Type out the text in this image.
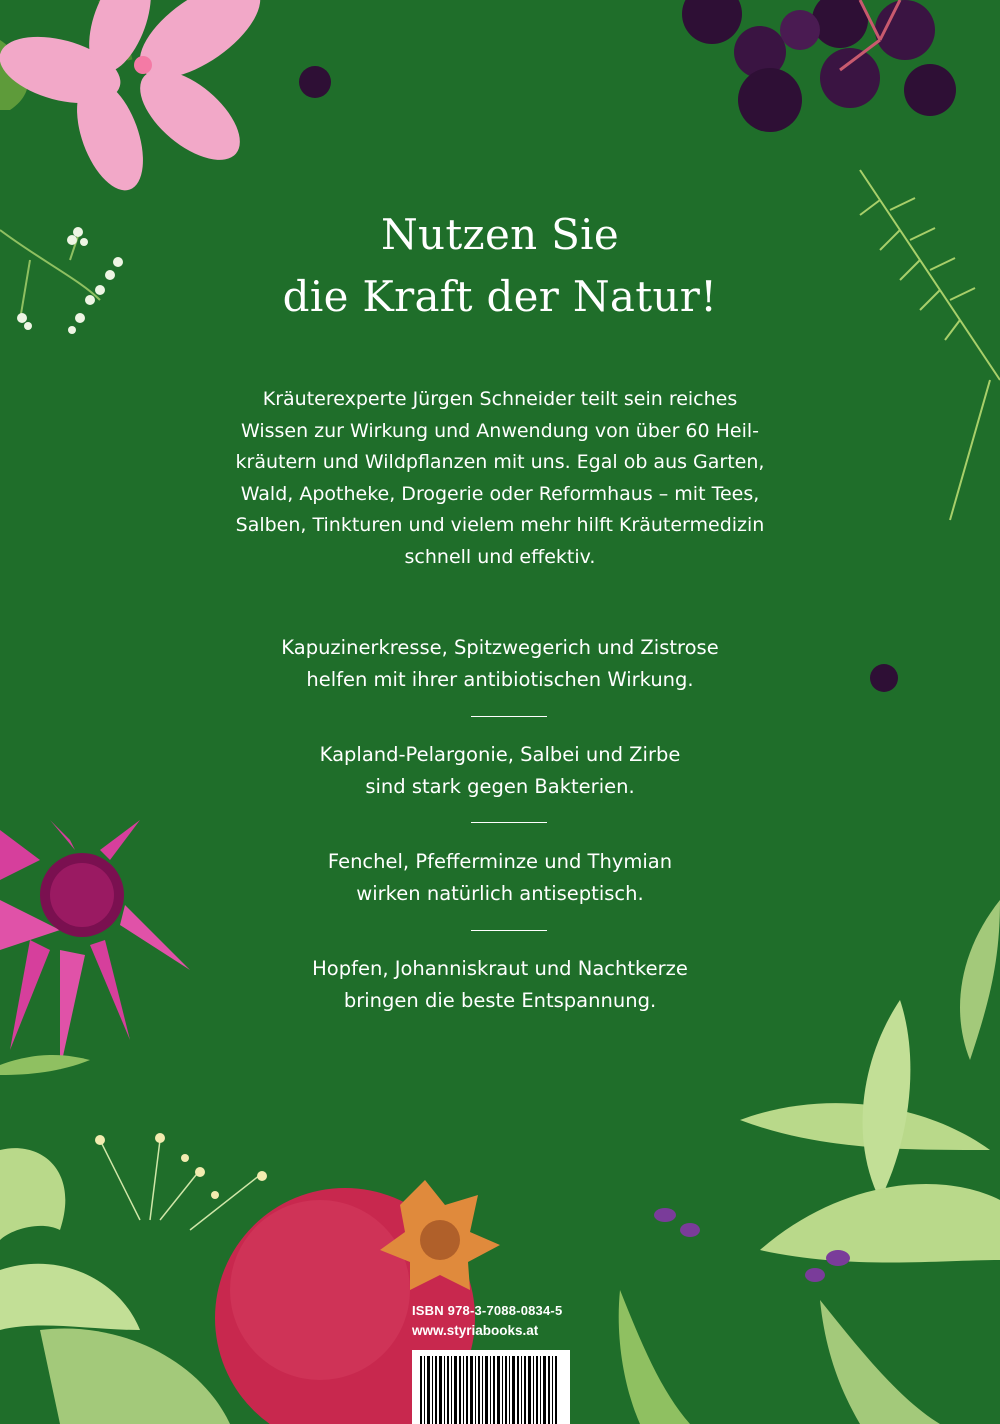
Nutzen Sie
die Kraft der Natur!
Kräuterexperte Jürgen Schneider teilt sein reiches
Wissen zur Wirkung und Anwendung von über 60 Heil-
kräutern und Wildpflanzen mit uns. Egal ob aus Garten,
Wald, Apotheke, Drogerie oder Reformhaus – mit Tees,
Salben, Tinkturen und vielem mehr hilft Kräutermedizin
schnell und effektiv.
Kapuzinerkresse, Spitzwegerich und Zistrose
helfen mit ihrer antibiotischen Wirkung.
Kapland-Pelargonie, Salbei und Zirbe
sind stark gegen Bakterien.
Fenchel, Pfefferminze und Thymian
wirken natürlich antiseptisch.
Hopfen, Johanniskraut und Nachtkerze
bringen die beste Entspannung.
ISBN 978-3-7088-0834-5
www.styriabooks.at
